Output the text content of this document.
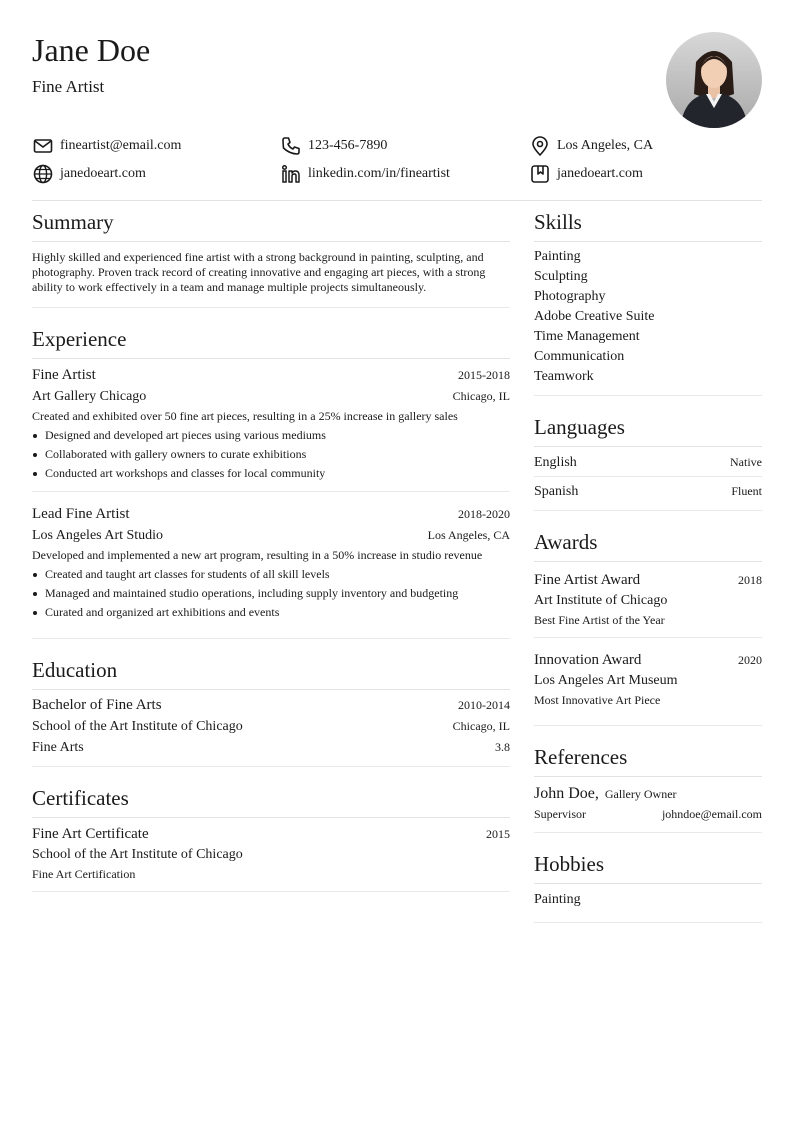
Jane Doe
Fine Artist
fineartist@email.com	123-456-7890	Los Angeles, CA
janedoeart.com	linkedin.com/in/fineartist	janedoeart.com
Summary

Highly skilled and experienced fine artist with a strong background in painting, sculpting, and photography. Proven track record of creating innovative and engaging art pieces, with a strong ability to work effectively in a team and manage multiple projects simultaneously.

Experience
Fine Artist	2015-2018
Art Gallery Chicago	Chicago, IL
Created and exhibited over 50 fine art pieces, resulting in a 25% increase in gallery sales
Designed and developed art pieces using various mediums
Collaborated with gallery owners to curate exhibitions
Conducted art workshops and classes for local community
Lead Fine Artist	2018-2020
Los Angeles Art Studio	Los Angeles, CA
Developed and implemented a new art program, resulting in a 50% increase in studio revenue
Created and taught art classes for students of all skill levels
Managed and maintained studio operations, including supply inventory and budgeting
Curated and organized art exhibitions and events
Education
Bachelor of Fine Arts	2010-2014
School of the Art Institute of Chicago	Chicago, IL
Fine Arts	3.8
Certificates
Fine Art Certificate	2015
School of the Art Institute of Chicago
Fine Art Certification
Skills
Painting
Sculpting
Photography
Adobe Creative Suite
Time Management
Communication
Teamwork
Languages
English	Native
Spanish	Fluent
Awards
Fine Artist Award	2018
Art Institute of Chicago
Best Fine Artist of the Year
Innovation Award	2020
Los Angeles Art Museum
Most Innovative Art Piece
References
John Doe, Gallery Owner
Supervisor	johndoe@email.com
Hobbies
Painting
